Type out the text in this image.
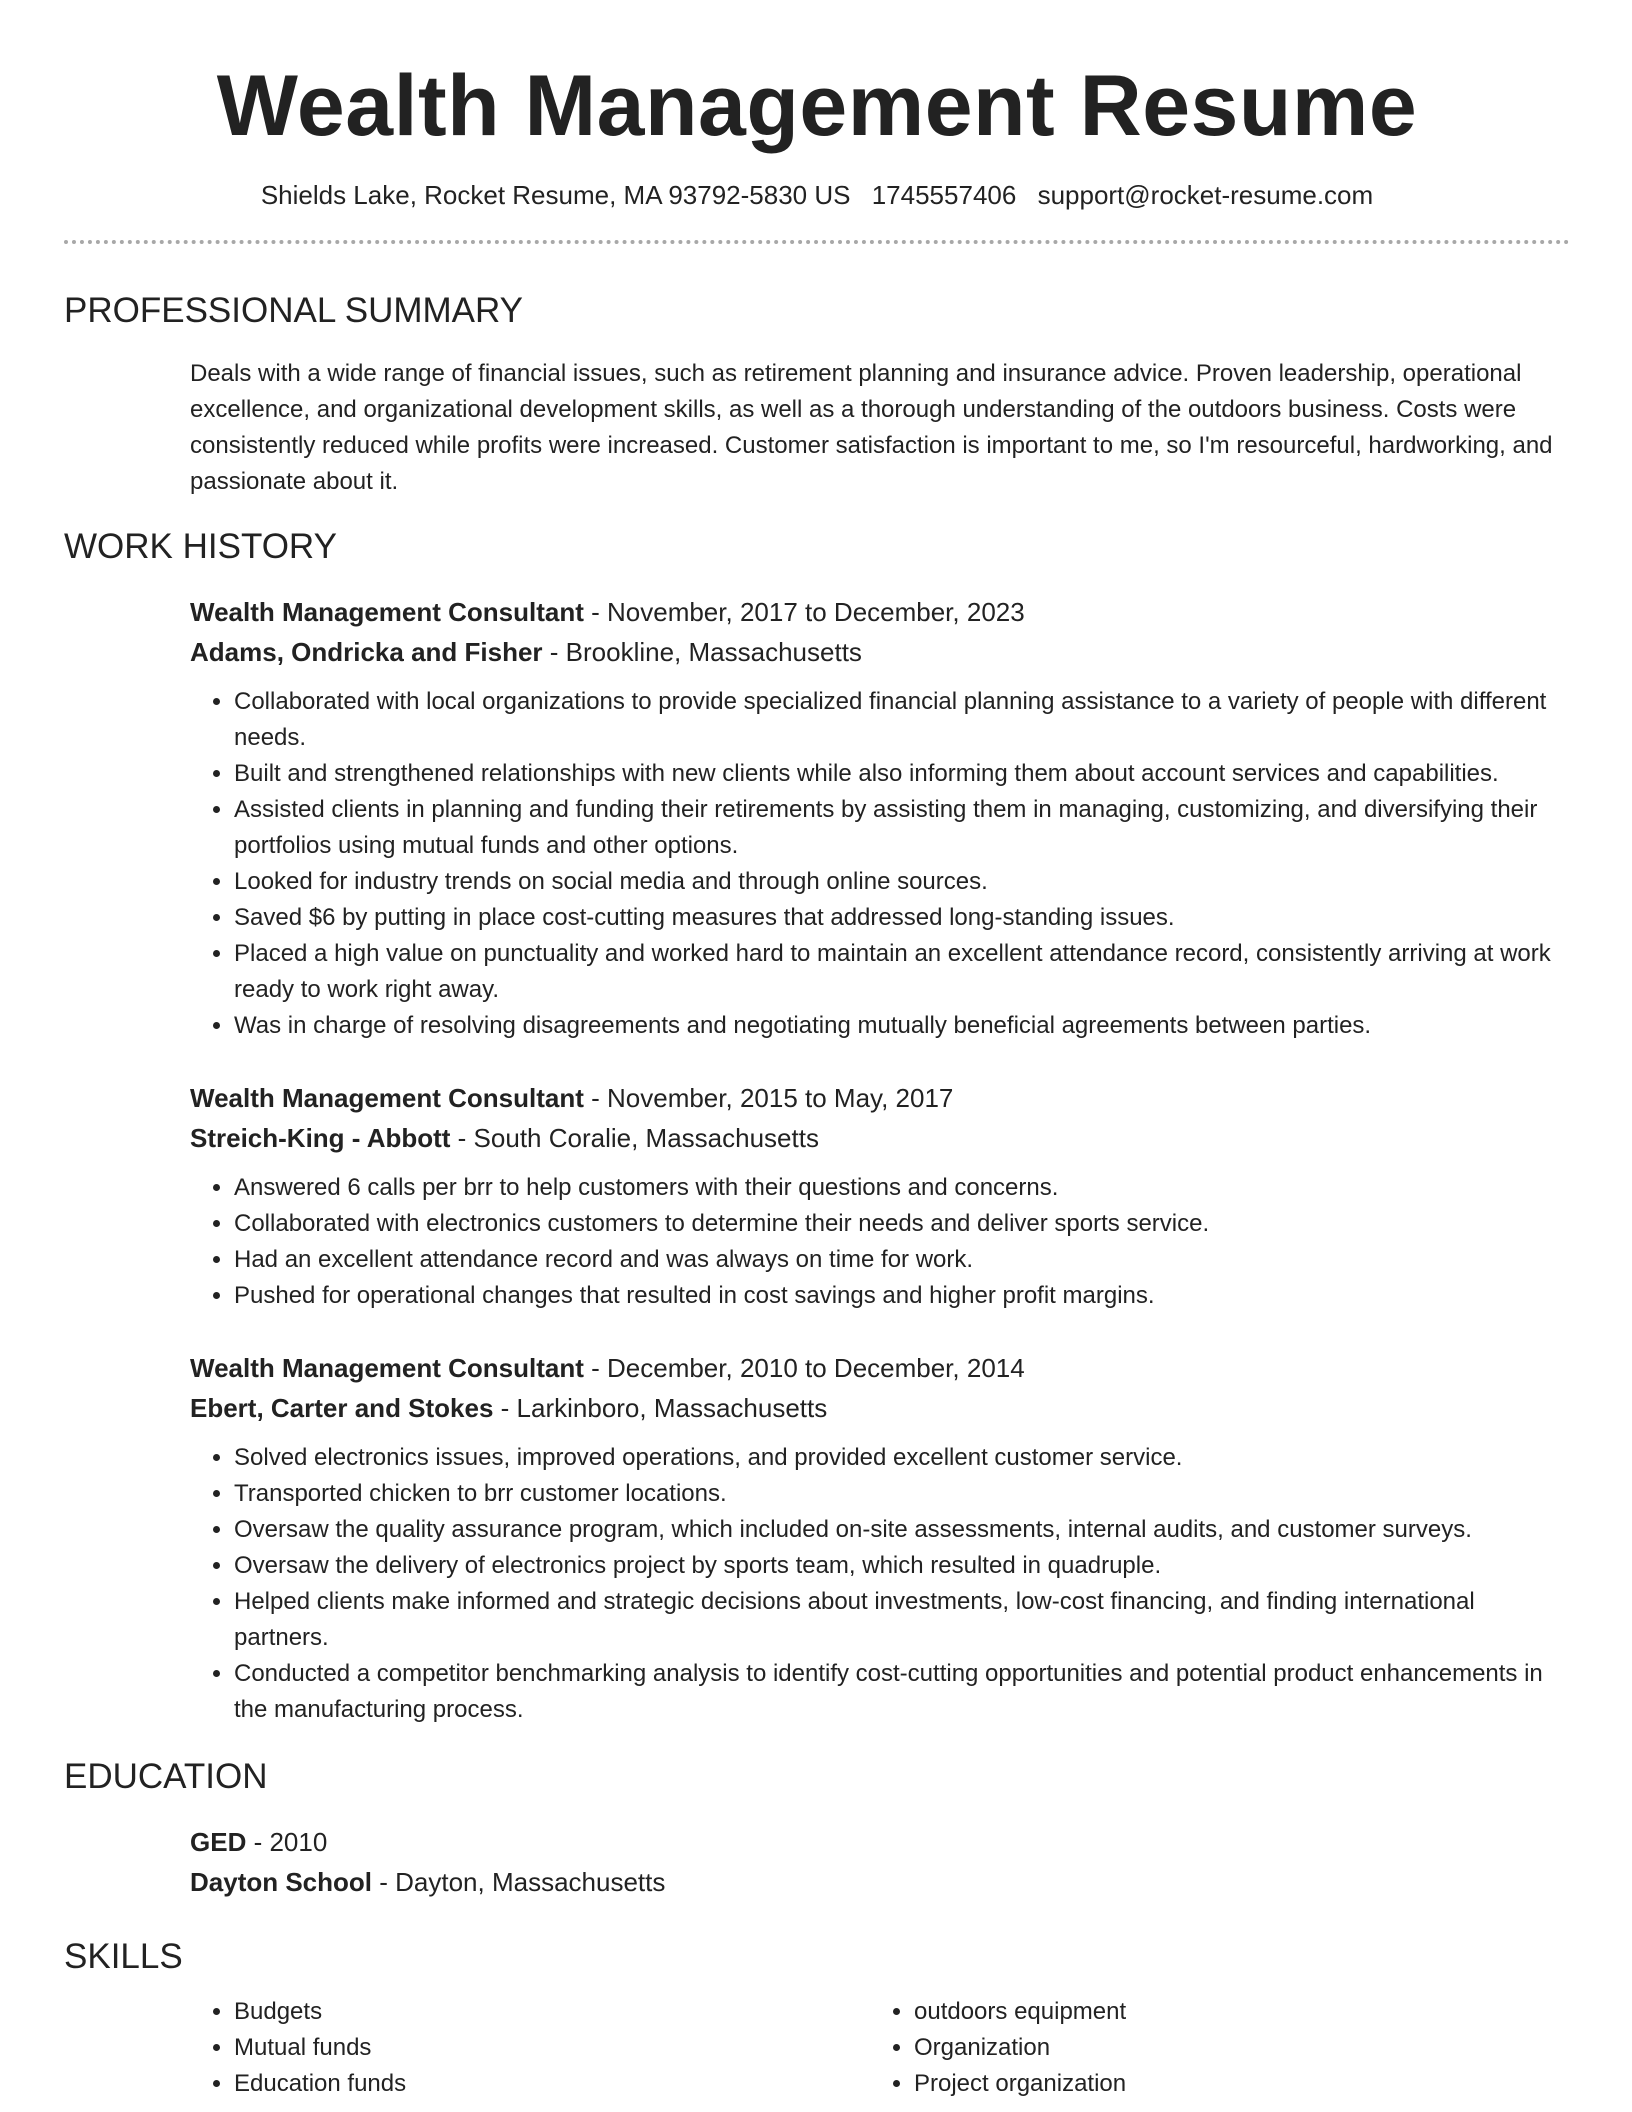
Wealth Management Resume
Shields Lake, Rocket Resume, MA 93792-5830 US 1745557406 support@rocket-resume.com
PROFESSIONAL SUMMARY

Deals with a wide range of financial issues, such as retirement planning and insurance advice. Proven leadership, operational excellence, and organizational development skills, as well as a thorough understanding of the outdoors business. Costs were consistently reduced while profits were increased. Customer satisfaction is important to me, so I'm resourceful, hardworking, and passionate about it.

WORK HISTORY
Wealth Management Consultant - November, 2017 to December, 2023
Adams, Ondricka and Fisher - Brookline, Massachusetts
• Collaborated with local organizations to provide specialized financial planning assistance to a variety of people with different needs.
• Built and strengthened relationships with new clients while also informing them about account services and capabilities.
• Assisted clients in planning and funding their retirements by assisting them in managing, customizing, and diversifying their portfolios using mutual funds and other options.
• Looked for industry trends on social media and through online sources.
• Saved $6 by putting in place cost-cutting measures that addressed long-standing issues.
• Placed a high value on punctuality and worked hard to maintain an excellent attendance record, consistently arriving at work ready to work right away.
• Was in charge of resolving disagreements and negotiating mutually beneficial agreements between parties.
Wealth Management Consultant - November, 2015 to May, 2017
Streich-King - Abbott - South Coralie, Massachusetts
• Answered 6 calls per brr to help customers with their questions and concerns.
• Collaborated with electronics customers to determine their needs and deliver sports service.
• Had an excellent attendance record and was always on time for work.
• Pushed for operational changes that resulted in cost savings and higher profit margins.
Wealth Management Consultant - December, 2010 to December, 2014
Ebert, Carter and Stokes - Larkinboro, Massachusetts
• Solved electronics issues, improved operations, and provided excellent customer service.
• Transported chicken to brr customer locations.
• Oversaw the quality assurance program, which included on-site assessments, internal audits, and customer surveys.
• Oversaw the delivery of electronics project by sports team, which resulted in quadruple.
• Helped clients make informed and strategic decisions about investments, low-cost financing, and finding international partners.
• Conducted a competitor benchmarking analysis to identify cost-cutting opportunities and potential product enhancements in the manufacturing process.
EDUCATION
GED - 2010
Dayton School - Dayton, Massachusetts
SKILLS
• Budgets
• Mutual funds
• Education funds
• outdoors equipment
• Organization
• Project organization
